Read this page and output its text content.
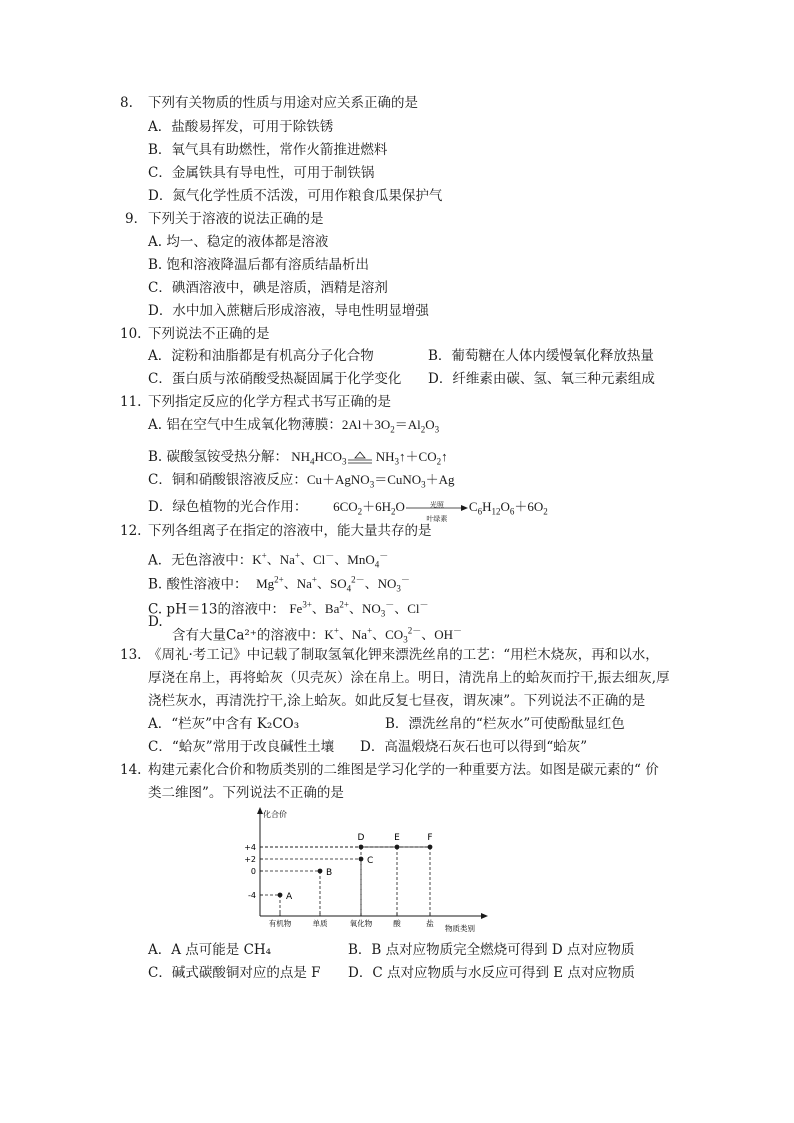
8. 下列有关物质的性质与用途对应关系正确的是
A．盐酸易挥发，可用于除铁锈
B．氧气具有助燃性，常作火箭推进燃料
C．金属铁具有导电性，可用于制铁锅
D．氮气化学性质不活泼，可用作粮食瓜果保护气
9． 下列关于溶液的说法正确的是
A. 均一、稳定的液体都是溶液
B. 饱和溶液降温后都有溶质结晶析出
C．碘酒溶液中，碘是溶质，酒精是溶剂
D．水中加入蔗糖后形成溶液，导电性明显增强
10. 下列说法不正确的是
A．淀粉和油脂都是有机高分子化合物	B．葡萄糖在人体内缓慢氧化释放热量
C．蛋白质与浓硝酸受热凝固属于化学变化 D．纤维素由碳、氢、氧三种元素组成
11. 下列指定反应的化学方程式书写正确的是
A. 铝在空气中生成氧化物薄膜：$2Al+3O_2=Al_2O_3$
B. 碳酸氢铵受热分解： $NH_4HCO_3$
$NH_3↑+CO_2↑$
C．铜和硝酸银溶液反应：Cu＋AgNO$_3$＝CuNO$_3$＋Ag
D．绿色植物的光合作用： $6CO_2+6H_2O$	光照
叶绿素
$C_6H_{12}O_6+6O_2$
12. 下列各组离子在指定的溶液中，能大量共存的是
A．无色溶液中：K+、Na+、Cl－、MnO$_4$－
B. 酸性溶液中： $Mg^{2+}$、Na+、$SO_4^{2-}$、$NO_3^-$
C. pH＝13的溶液中： $Fe^{3+}$、$Ba^{2+}$、$NO_3^-$、Cl－
D.
含有大量Ca²⁺的溶液中：K+、Na+、$CO_3^{2-}$、OH－
13. 《周礼·考工记》中记载了制取氢氧化钾来漂洗丝帛的工艺：“用栏木烧灰，再和以水，
厚浇在帛上，再将蛤灰（贝壳灰）涂在帛上。明日，清洗帛上的蛤灰而拧干,振去细灰,厚
浇栏灰水，再清洗拧干,涂上蛤灰。如此反复七昼夜，谓灰凍”。下列说法不正确的是
A．“栏灰”中含有 K₂CO₃	B．漂洗丝帛的“栏灰水”可使酚酞显红色
C．“蛤灰”常用于改良碱性土壤 D．高温煅烧石灰石也可以得到“蛤灰”
14. 构建元素化合价和物质类别的二维图是学习化学的一种重要方法。如图是碳元素的“ 价
类二维图”。下列说法不正确的是
A．A 点可能是 CH₄	B．B 点对应物质完全燃烧可得到 D 点对应物质
C．碱式碳酸铜对应的点是 F D．C 点对应物质与水反应可得到 E 点对应物质
化合价
物质类别
+4
+2
0
-4
有机物	单质	氧化物	酸	盐
A
B
C
D	E	F
